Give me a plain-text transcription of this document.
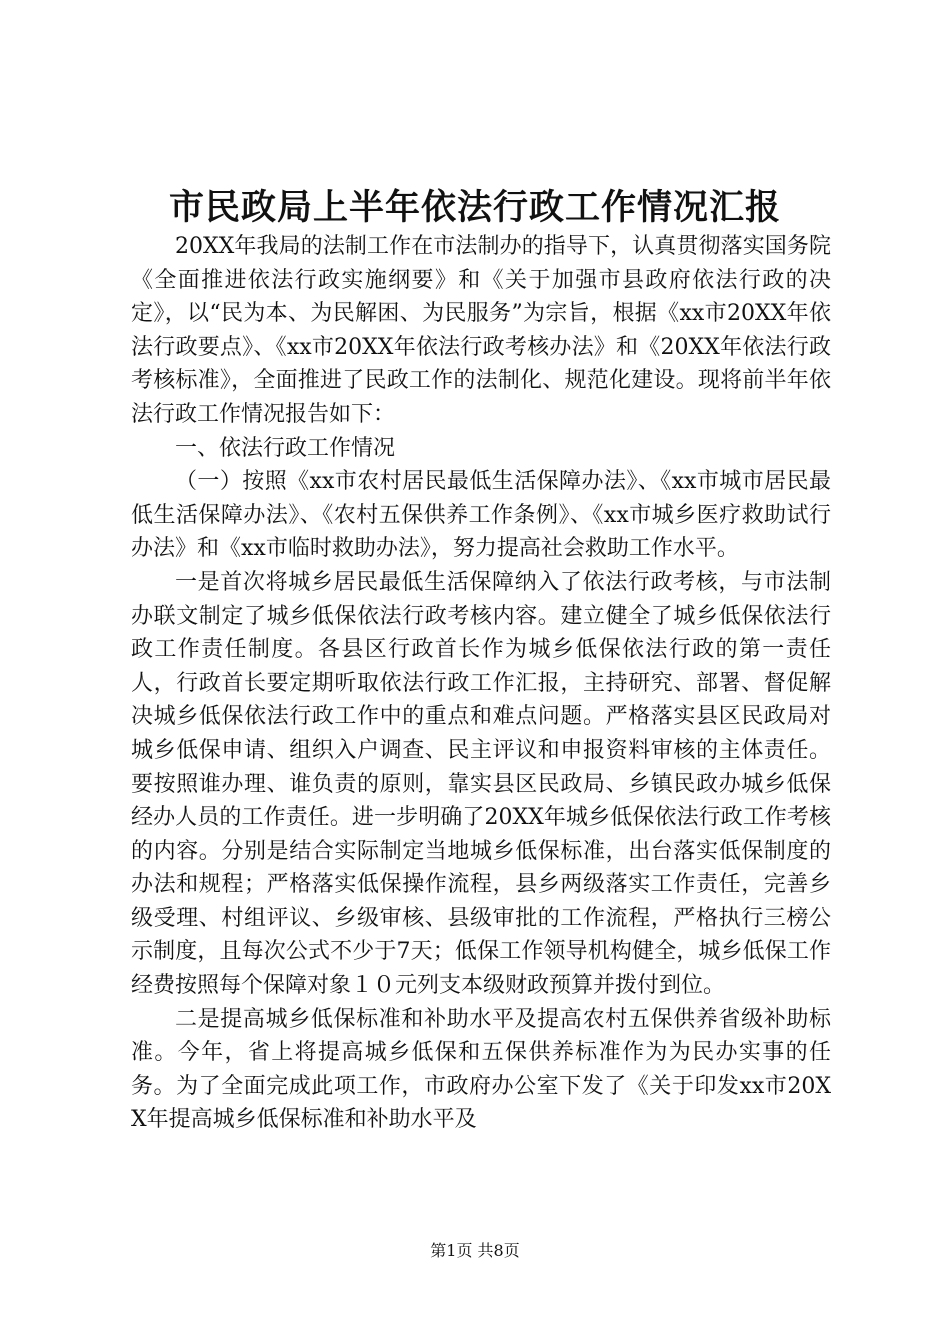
市民政局上半年依法行政工作情况汇报

20XX年我局的法制工作在市法制办的指导下，认真贯彻落实国务院《全面推进依法行政实施纲要》和《关于加强市县政府依法行政的决定》，以“民为本、为民解困、为民服务”为宗旨，根据《xx市20XX年依法行政要点》、《xx市20XX年依法行政考核办法》和《20XX年依法行政考核标准》，全面推进了民政工作的法制化、规范化建设。现将前半年依法行政工作情况报告如下：

一、依法行政工作情况

（一）按照《xx市农村居民最低生活保障办法》、《xx市城市居民最低生活保障办法》、《农村五保供养工作条例》、《xx市城乡医疗救助试行办法》和《xx市临时救助办法》，努力提高社会救助工作水平。

一是首次将城乡居民最低生活保障纳入了依法行政考核，与市法制办联文制定了城乡低保依法行政考核内容。建立健全了城乡低保依法行政工作责任制度。各县区行政首长作为城乡低保依法行政的第一责任人，行政首长要定期听取依法行政工作汇报，主持研究、部署、督促解决城乡低保依法行政工作中的重点和难点问题。严格落实县区民政局对城乡低保申请、组织入户调查、民主评议和申报资料审核的主体责任。要按照谁办理、谁负责的原则，靠实县区民政局、乡镇民政办城乡低保经办人员的工作责任。进一步明确了20XX年城乡低保依法行政工作考核的内容。分别是结合实际制定当地城乡低保标准，出台落实低保制度的办法和规程；严格落实低保操作流程，县乡两级落实工作责任，完善乡级受理、村组评议、乡级审核、县级审批的工作流程，严格执行三榜公示制度，且每次公式不少于7天；低保工作领导机构健全，城乡低保工作经费按照每个保障对象１０元列支本级财政预算并拨付到位。

二是提高城乡低保标准和补助水平及提高农村五保供养省级补助标准。今年，省上将提高城乡低保和五保供养标准作为为民办实事的任务。为了全面完成此项工作，市政府办公室下发了《关于印发xx市20XX年提高城乡低保标准和补助水平及

第1页 共8页
